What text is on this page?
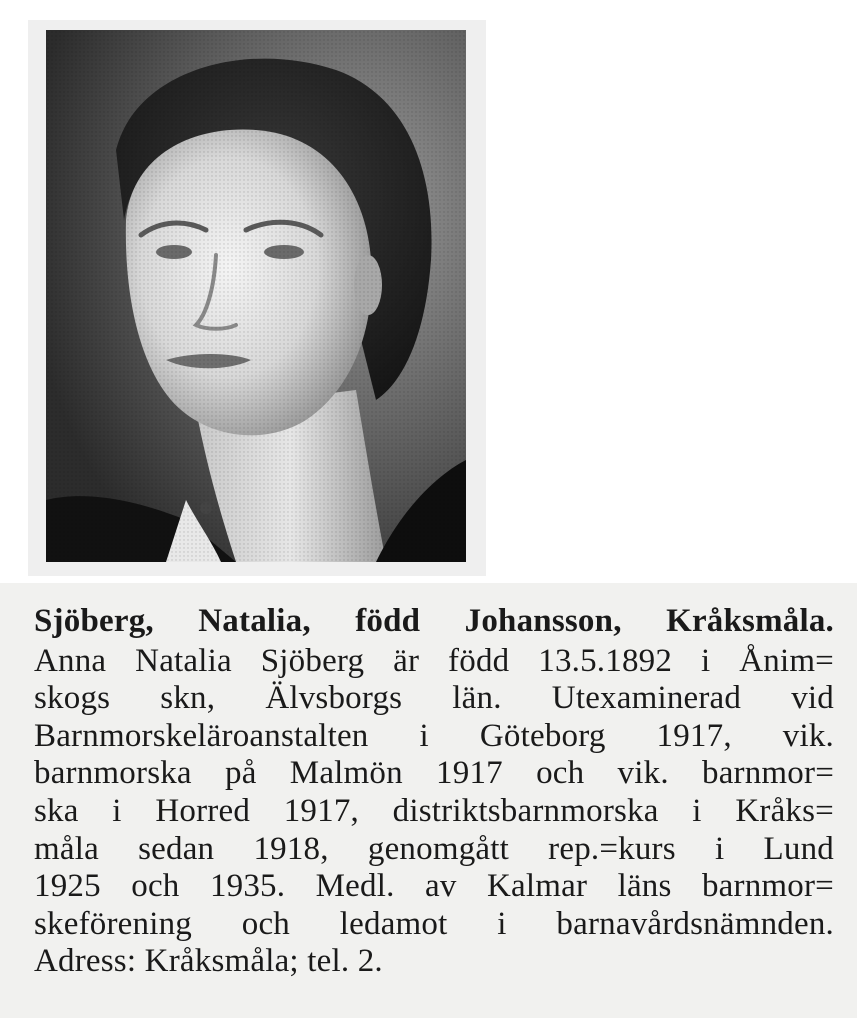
Sjöberg, Natalia, född Johansson, Kråksmåla.
Anna Natalia Sjöberg är född 13.5.1892 i Ånim=
skogs skn, Älvsborgs län. Utexaminerad vid
Barnmorskeläroanstalten i Göteborg 1917, vik.
barnmorska på Malmön 1917 och vik. barnmor=
ska i Horred 1917, distriktsbarnmorska i Kråks=
måla sedan 1918, genomgått rep.=kurs i Lund
1925 och 1935. Medl. av Kalmar läns barnmor=
skeförening och ledamot i barnavårdsnämnden.
Adress: Kråksmåla; tel. 2.
